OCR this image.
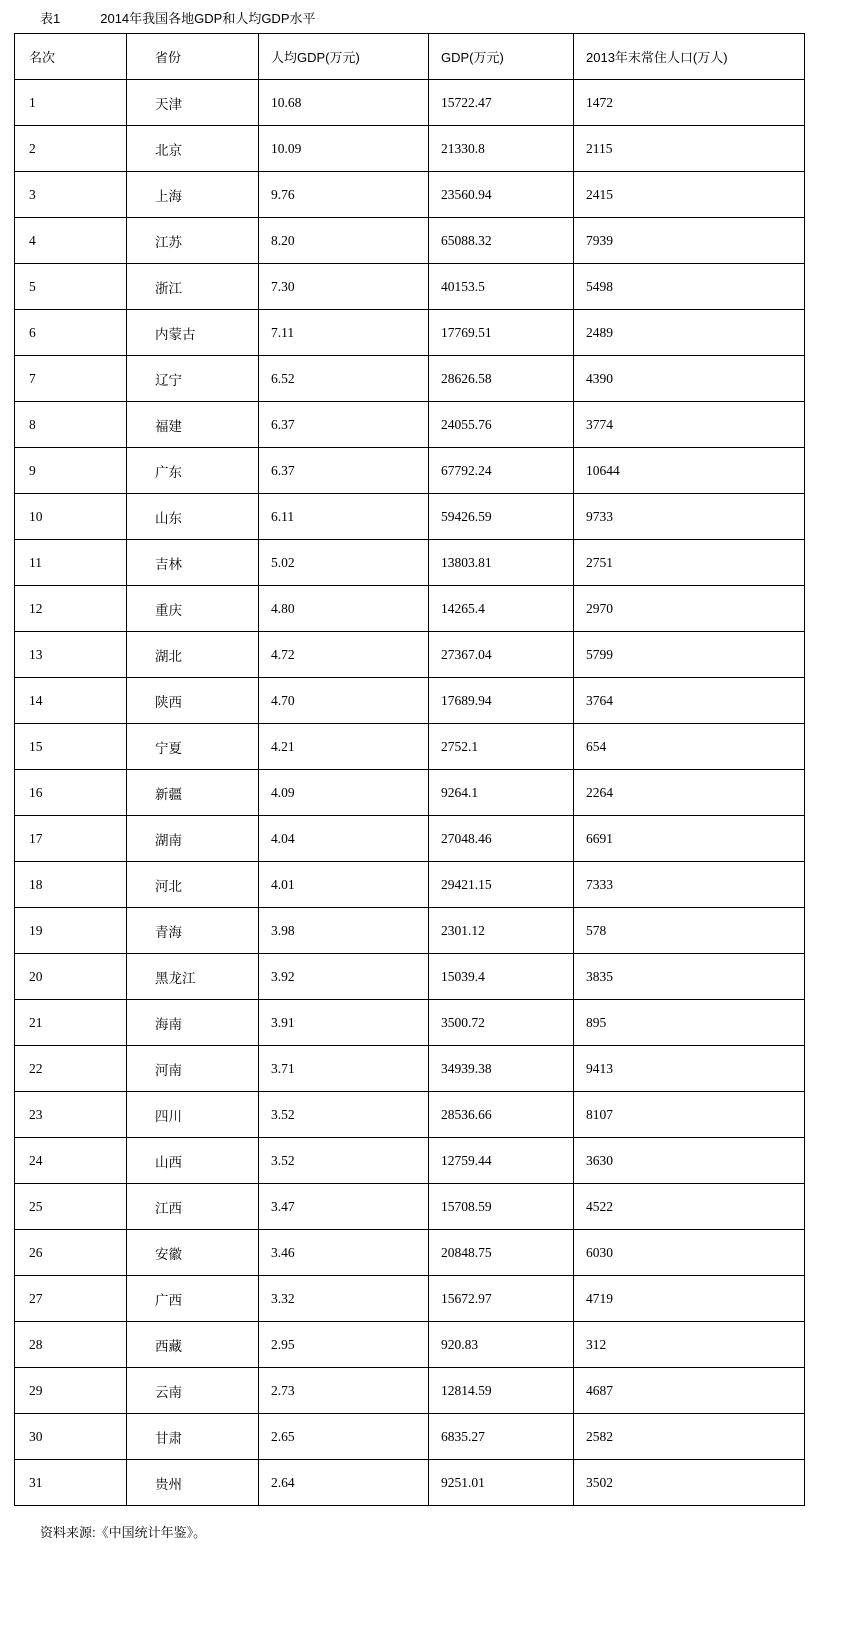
表1	2014年我国各地GDP和人均GDP水平
名次	省份	人均GDP(万元)	GDP(万元)	2013年末常住人口(万人)
1	天津	10.68	15722.47	1472
2	北京	10.09	21330.8	2115
3	上海	9.76	23560.94	2415
4	江苏	8.20	65088.32	7939
5	浙江	7.30	40153.5	5498
6	内蒙古	7.11	17769.51	2489
7	辽宁	6.52	28626.58	4390
8	福建	6.37	24055.76	3774
9	广东	6.37	67792.24	10644
10	山东	6.11	59426.59	9733
11	吉林	5.02	13803.81	2751
12	重庆	4.80	14265.4	2970
13	湖北	4.72	27367.04	5799
14	陕西	4.70	17689.94	3764
15	宁夏	4.21	2752.1	654
16	新疆	4.09	9264.1	2264
17	湖南	4.04	27048.46	6691
18	河北	4.01	29421.15	7333
19	青海	3.98	2301.12	578
20	黑龙江	3.92	15039.4	3835
21	海南	3.91	3500.72	895
22	河南	3.71	34939.38	9413
23	四川	3.52	28536.66	8107
24	山西	3.52	12759.44	3630
25	江西	3.47	15708.59	4522
26	安徽	3.46	20848.75	6030
27	广西	3.32	15672.97	4719
28	西藏	2.95	920.83	312
29	云南	2.73	12814.59	4687
30	甘肃	2.65	6835.27	2582
31	贵州	2.64	9251.01	3502
资料来源:《中国统计年鉴》。
